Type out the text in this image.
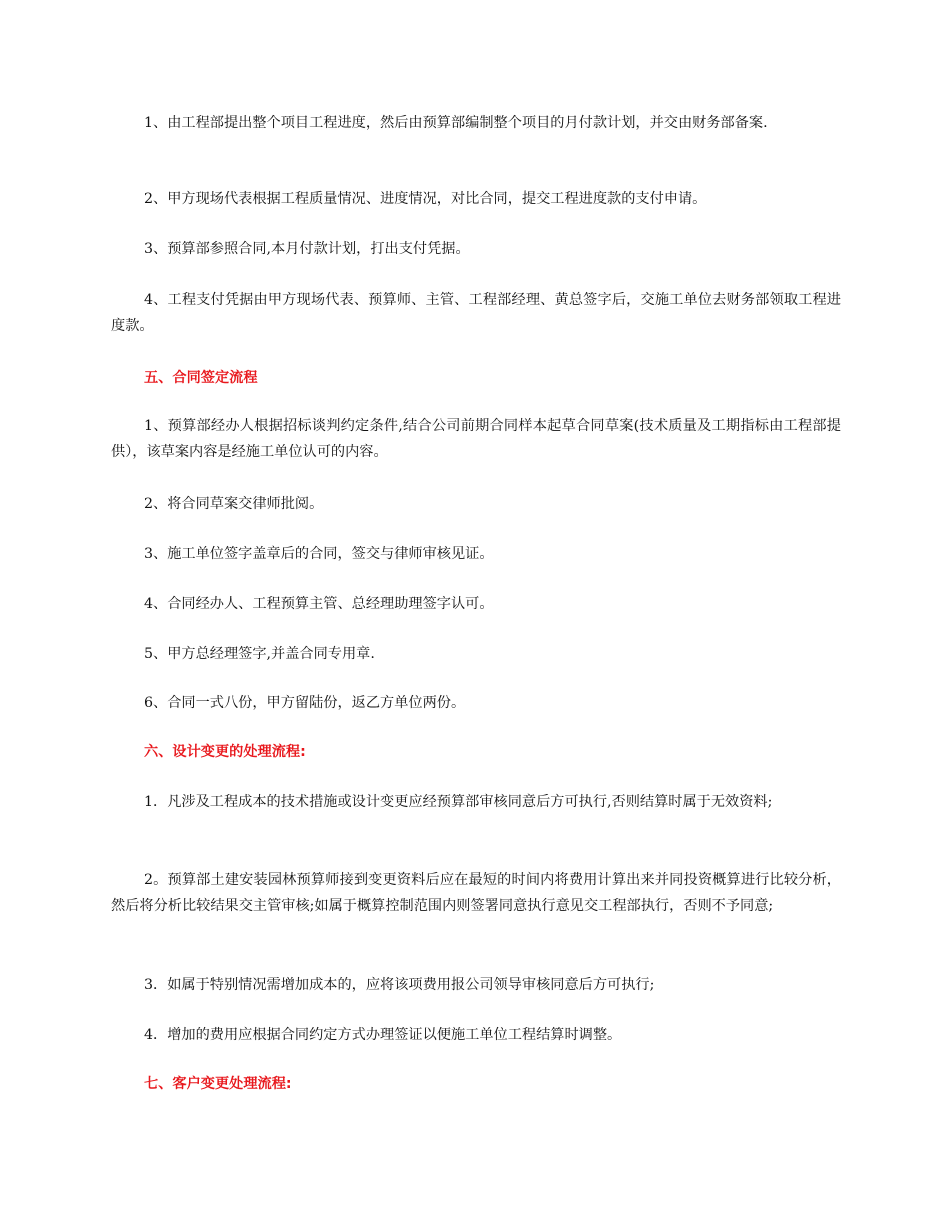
1、由工程部提出整个项目工程进度，然后由预算部编制整个项目的月付款计划，并交由财务部备案.

2、甲方现场代表根据工程质量情况、进度情况，对比合同，提交工程进度款的支付申请。

3、预算部参照合同,本月付款计划，打出支付凭据。

4、工程支付凭据由甲方现场代表、预算师、主管、工程部经理、黄总签字后，交施工单位去财务部领取工程进度款。

五、合同签定流程

1、预算部经办人根据招标谈判约定条件,结合公司前期合同样本起草合同草案(技术质量及工期指标由工程部提供），该草案内容是经施工单位认可的内容。

2、将合同草案交律师批阅。

3、施工单位签字盖章后的合同，签交与律师审核见证。

4、合同经办人、工程预算主管、总经理助理签字认可。

5、甲方总经理签字,并盖合同专用章.

6、合同一式八份，甲方留陆份，返乙方单位两份。

六、设计变更的处理流程:

1．凡涉及工程成本的技术措施或设计变更应经预算部审核同意后方可执行,否则结算时属于无效资料;

2。预算部土建安装园林预算师接到变更资料后应在最短的时间内将费用计算出来并同投资概算进行比较分析，然后将分析比较结果交主管审核;如属于概算控制范围内则签署同意执行意见交工程部执行，否则不予同意;

3．如属于特别情况需增加成本的，应将该项费用报公司领导审核同意后方可执行;

4．增加的费用应根据合同约定方式办理签证以便施工单位工程结算时调整。

七、客户变更处理流程:
